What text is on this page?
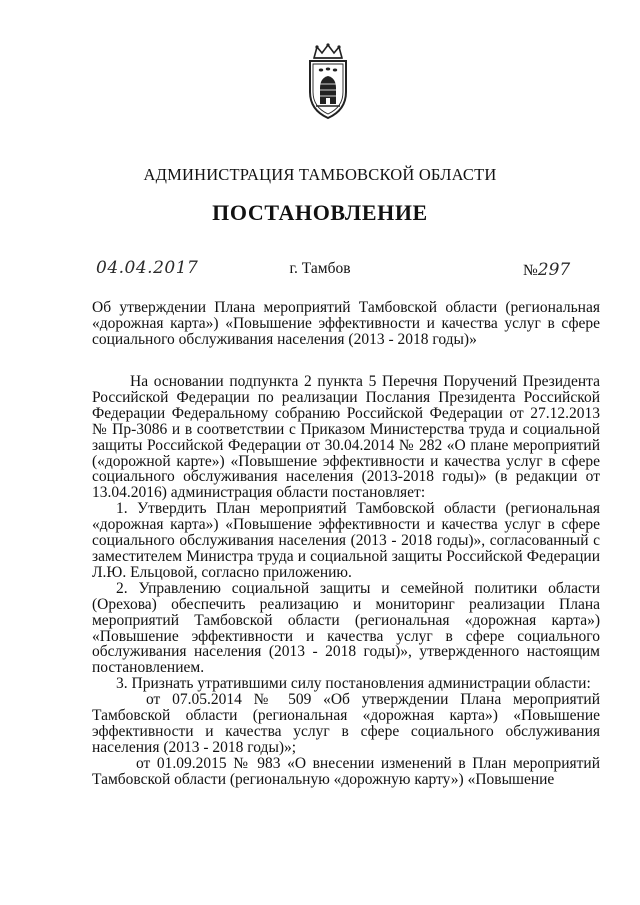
АДМИНИСТРАЦИЯ ТАМБОВСКОЙ ОБЛАСТИ
ПОСТАНОВЛЕНИЕ
04.04.2017	г. Тамбов	№297
Об утверждении Плана мероприятий Тамбовской области (региональная «дорожная карта») «Повышение эффективности и качества услуг в сфере социального обслуживания населения (2013 - 2018 годы)»

На основании подпункта 2 пункта 5 Перечня Поручений Президента Российской Федерации по реализации Послания Президента Российской Федерации Федеральному собранию Российской Федерации от 27.12.2013 № Пр-3086 и в соответствии с Приказом Министерства труда и социальной защиты Российской Федерации от 30.04.2014 № 282 «О плане мероприятий («дорожной карте») «Повышение эффективности и качества услуг в сфере социального обслуживания населения (2013-2018 годы)» (в редакции от 13.04.2016) администрация области постановляет:

1. Утвердить План мероприятий Тамбовской области (региональная «дорожная карта») «Повышение эффективности и качества услуг в сфере социального обслуживания населения (2013 - 2018 годы)», согласованный с заместителем Министра труда и социальной защиты Российской Федерации Л.Ю. Ельцовой, согласно приложению.

2. Управлению социальной защиты и семейной политики области (Орехова) обеспечить реализацию и мониторинг реализации Плана мероприятий Тамбовской области (региональная «дорожная карта») «Повышение эффективности и качества услуг в сфере социального обслуживания населения (2013 - 2018 годы)», утвержденного настоящим постановлением.

3. Признать утратившими силу постановления администрации области:

от 07.05.2014 № 509 «Об утверждении Плана мероприятий Тамбовской области (региональная «дорожная карта») «Повышение эффективности и качества услуг в сфере социального обслуживания населения (2013 - 2018 годы)»;

от 01.09.2015 № 983 «О внесении изменений в План мероприятий Тамбовской области (региональную «дорожную карту») «Повышение
